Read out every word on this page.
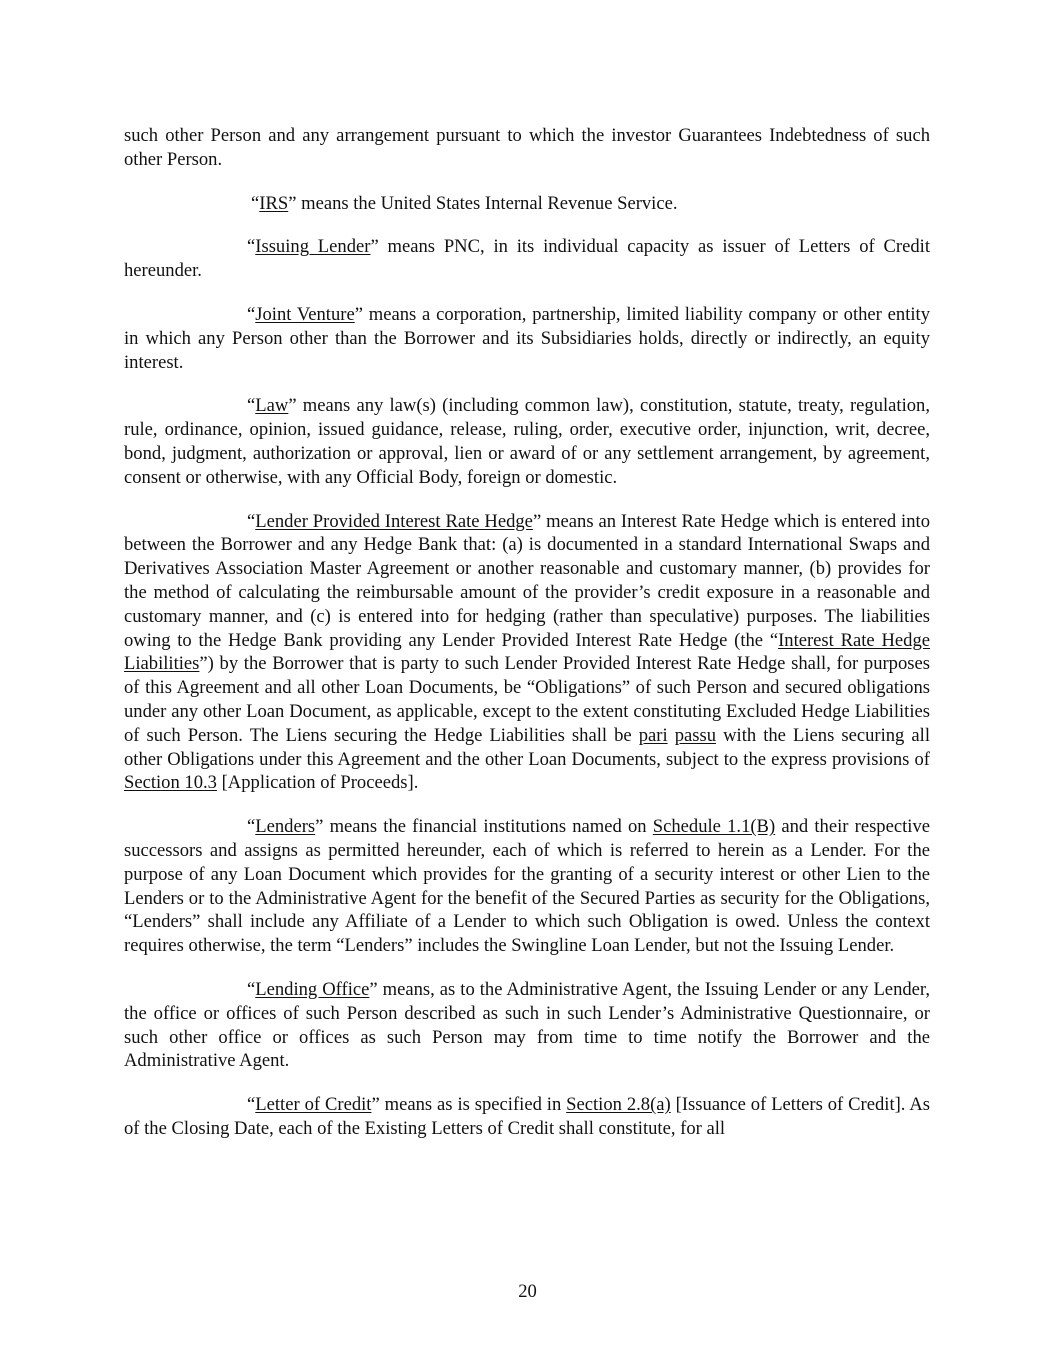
such other Person and any arrangement pursuant to which the investor Guarantees Indebtedness of such other Person.

“IRS” means the United States Internal Revenue Service.

“Issuing Lender” means PNC, in its individual capacity as issuer of Letters of Credit hereunder.

“Joint Venture” means a corporation, partnership, limited liability company or other entity in which any Person other than the Borrower and its Subsidiaries holds, directly or indirectly, an equity interest.

“Law” means any law(s) (including common law), constitution, statute, treaty, regulation, rule, ordinance, opinion, issued guidance, release, ruling, order, executive order, injunction, writ, decree, bond, judgment, authorization or approval, lien or award of or any settlement arrangement, by agreement, consent or otherwise, with any Official Body, foreign or domestic.

“Lender Provided Interest Rate Hedge” means an Interest Rate Hedge which is entered into between the Borrower and any Hedge Bank that: (a) is documented in a standard International Swaps and Derivatives Association Master Agreement or another reasonable and customary manner, (b) provides for the method of calculating the reimbursable amount of the provider’s credit exposure in a reasonable and customary manner, and (c) is entered into for hedging (rather than speculative) purposes. The liabilities owing to the Hedge Bank providing any Lender Provided Interest Rate Hedge (the “Interest Rate Hedge Liabilities”) by the Borrower that is party to such Lender Provided Interest Rate Hedge shall, for purposes of this Agreement and all other Loan Documents, be “Obligations” of such Person and secured obligations under any other Loan Document, as applicable, except to the extent constituting Excluded Hedge Liabilities of such Person. The Liens securing the Hedge Liabilities shall be pari passu with the Liens securing all other Obligations under this Agreement and the other Loan Documents, subject to the express provisions of Section 10.3 [Application of Proceeds].

“Lenders” means the financial institutions named on Schedule 1.1(B) and their respective successors and assigns as permitted hereunder, each of which is referred to herein as a Lender. For the purpose of any Loan Document which provides for the granting of a security interest or other Lien to the Lenders or to the Administrative Agent for the benefit of the Secured Parties as security for the Obligations, “Lenders” shall include any Affiliate of a Lender to which such Obligation is owed. Unless the context requires otherwise, the term “Lenders” includes the Swingline Loan Lender, but not the Issuing Lender.

“Lending Office” means, as to the Administrative Agent, the Issuing Lender or any Lender, the office or offices of such Person described as such in such Lender’s Administrative Questionnaire, or such other office or offices as such Person may from time to time notify the Borrower and the Administrative Agent.

“Letter of Credit” means as is specified in Section 2.8(a) [Issuance of Letters of Credit]. As of the Closing Date, each of the Existing Letters of Credit shall constitute, for all

20
